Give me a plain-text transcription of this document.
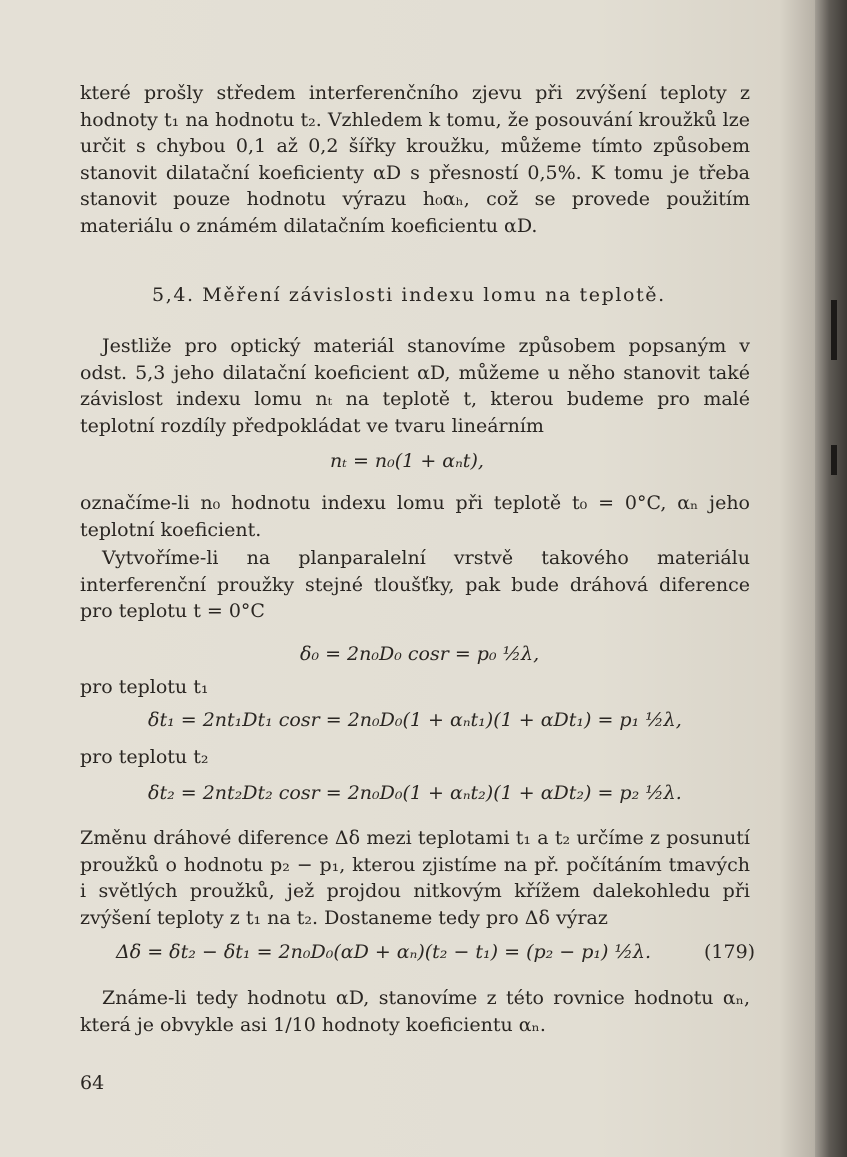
které prošly středem interferenčního zjevu při zvýšení teploty z hodnoty t₁ na hodnotu t₂. Vzhledem k tomu, že posouvání kroužků lze určit s chybou 0,1 až 0,2 šířky kroužku, můžeme tímto způsobem stanovit dilatační koeficienty αD s přesností 0,5%. K tomu je třeba stanovit pouze hodnotu výrazu h₀αₕ, což se provede použitím materiálu o známém dilatačním koeficientu αD.
5,4. Měření závislosti indexu lomu na teplotě.
Jestliže pro optický materiál stanovíme způsobem popsaným v odst. 5,3 jeho dilatační koeficient αD, můžeme u něho stanovit také závislost indexu lomu nₜ na teplotě t, kterou budeme pro malé teplotní rozdíly předpokládat ve tvaru lineárním
nₜ = n₀(1 + αₙt),
označíme-li n₀ hodnotu indexu lomu při teplotě t₀ = 0°C, αₙ jeho teplotní koeficient.
Vytvoříme-li na planparalelní vrstvě takového materiálu interferenční proužky stejné tloušťky, pak bude dráhová diference pro teplotu t = 0°C
δ₀ = 2n₀D₀ cosr = p₀ ½λ,
pro teplotu t₁
δt₁ = 2nt₁Dt₁ cosr = 2n₀D₀(1 + αₙt₁)(1 + αDt₁) = p₁ ½λ,
pro teplotu t₂
δt₂ = 2nt₂Dt₂ cosr = 2n₀D₀(1 + αₙt₂)(1 + αDt₂) = p₂ ½λ.
Změnu dráhové diference Δδ mezi teplotami t₁ a t₂ určíme z posunutí proužků o hodnotu p₂ − p₁, kterou zjistíme na př. počítáním tmavých i světlých proužků, jež projdou nitkovým křížem dalekohledu při zvýšení teploty z t₁ na t₂. Dostaneme tedy pro Δδ výraz
Δδ = δt₂ − δt₁ = 2n₀D₀(αD + αₙ)(t₂ − t₁) = (p₂ − p₁) ½λ.	(179)
Známe-li tedy hodnotu αD, stanovíme z této rovnice hodnotu αₙ, která je obvykle asi 1/10 hodnoty koeficientu αₙ.
64
